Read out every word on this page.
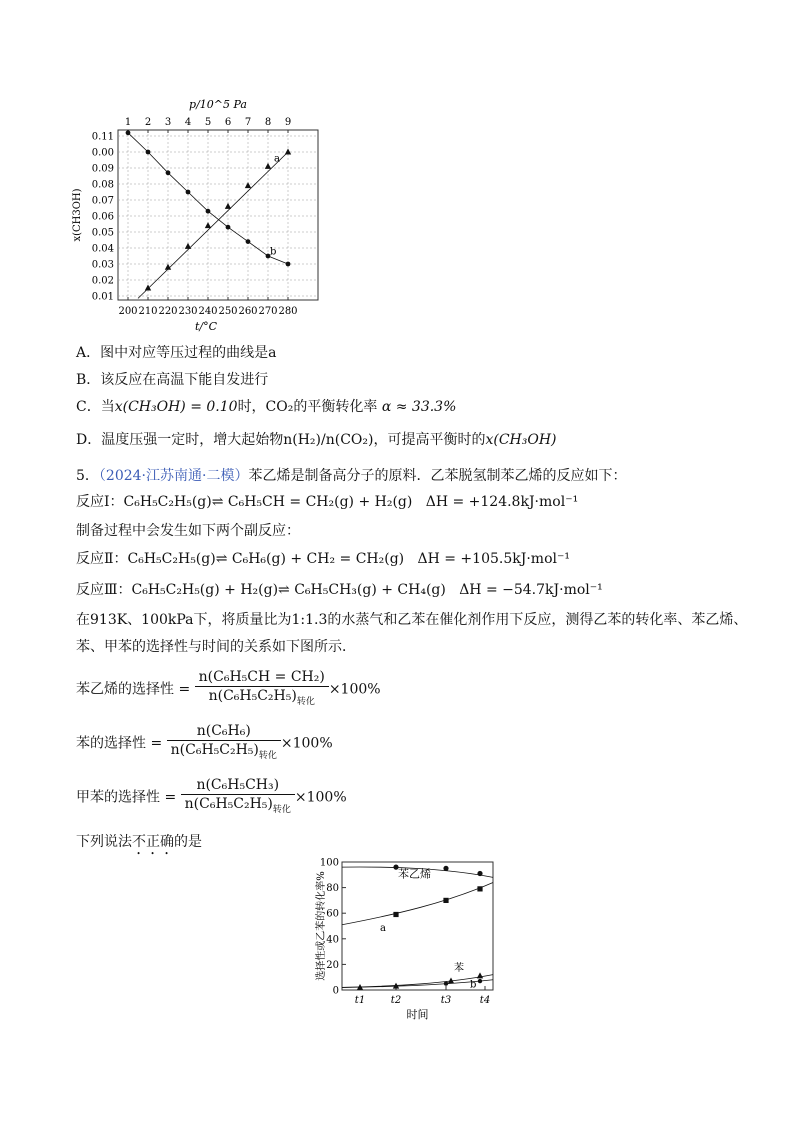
200 210 220 230 240 250 260 270 280
1 2 3 4 5 6 7 8 9
0.01
0.02
0.03
0.04
0.05
0.06
0.07
0.08
0.09
0.00
0.11
p/10^5 Pa
t/°C
x(CH3OH)
a
b
A．图中对应等压过程的曲线是a
B．该反应在高温下能自发进行
C．当x(CH₃OH) = 0.10时，CO₂的平衡转化率 α ≈ 33.3%
D．温度压强一定时，增大起始物n(H₂)/n(CO₂)，可提高平衡时的x(CH₃OH)
5．（2024·江苏南通·二模）苯乙烯是制备高分子的原料．乙苯脱氢制苯乙烯的反应如下：
反应Ⅰ：C₆H₅C₂H₅(g)⇌ C₆H₅CH = CH₂(g) + H₂(g) ΔH = +124.8kJ·mol⁻¹
制备过程中会发生如下两个副反应：
反应Ⅱ：C₆H₅C₂H₅(g)⇌ C₆H₆(g) + CH₂ = CH₂(g) ΔH = +105.5kJ·mol⁻¹
反应Ⅲ：C₆H₅C₂H₅(g) + H₂(g)⇌ C₆H₅CH₃(g) + CH₄(g) ΔH = −54.7kJ·mol⁻¹
在913K、100kPa下，将质量比为1:1.3的水蒸气和乙苯在催化剂作用下反应，测得乙苯的转化率、苯乙烯、
苯、甲苯的选择性与时间的关系如下图所示．
苯乙烯的选择性 = $\frac{\text{n(C₆H₅CH = CH₂)}}{n(C_6H_5C_2H_5)_{转化}} \times 100\%$
苯的选择性 = $\frac{\text{n(C₆H₆)}}{n(C_6H_5C_2H_5)_{转化}} \times 100\%$
甲苯的选择性 = $\frac{\text{n(C₆H₅CH₃)}}{n(C_6H_5C_2H_5)_{转化}} \times 100\%$
下列说法不正确的是
0
20
40
60
80
100
t1	t2	t3	t4
时间
选择性或乙苯的转化率%	苯乙烯
a
苯
b
